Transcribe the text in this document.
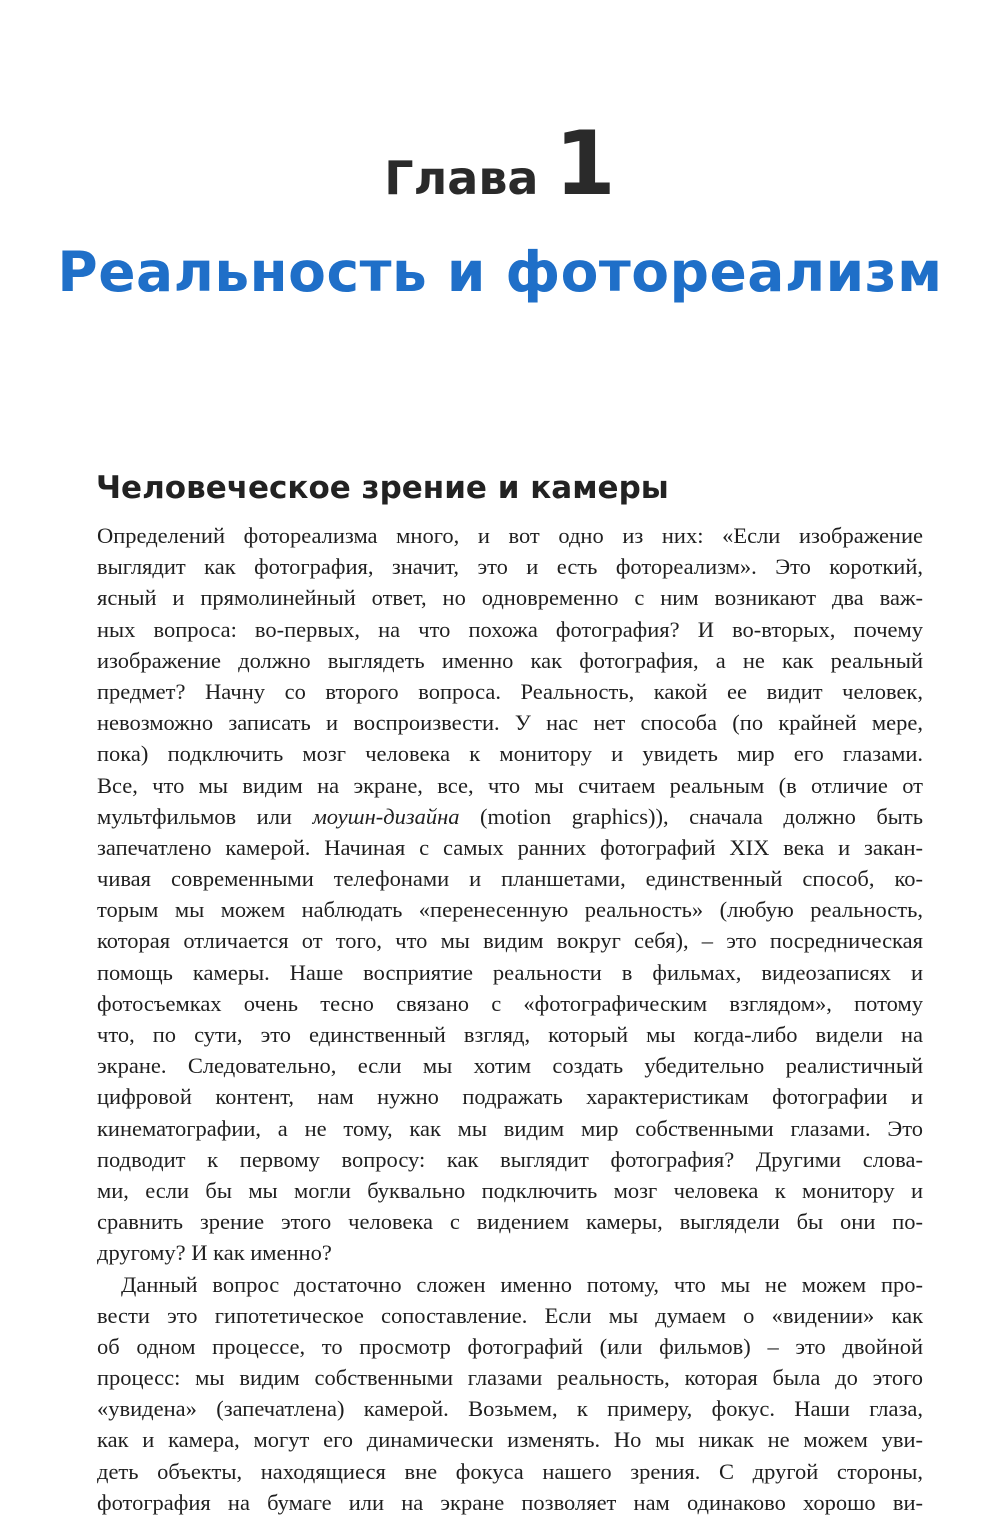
Глава 1
Реальность и фотореализм
Человеческое зрение и камеры
Определений фотореализма много, и вот одно из них: «Если изображение
выглядит как фотография, значит, это и есть фотореализм». Это короткий,
ясный и прямолинейный ответ, но одновременно с ним возникают два важ-
ных вопроса: во-первых, на что похожа фотография? И во-вторых, почему
изображение должно выглядеть именно как фотография, а не как реальный
предмет? Начну со второго вопроса. Реальность, какой ее видит человек,
невозможно записать и воспроизвести. У нас нет способа (по крайней мере,
пока) подключить мозг человека к монитору и увидеть мир его глазами.
Все, что мы видим на экране, все, что мы считаем реальным (в отличие от
мультфильмов или моушн-дизайна (motion graphics)), сначала должно быть
запечатлено камерой. Начиная с самых ранних фотографий XIX века и закан-
чивая современными телефонами и планшетами, единственный способ, ко-
торым мы можем наблюдать «перенесенную реальность» (любую реальность,
которая отличается от того, что мы видим вокруг себя), – это посредническая
помощь камеры. Наше восприятие реальности в фильмах, видеозаписях и
фотосъемках очень тесно связано с «фотографическим взглядом», потому
что, по сути, это единственный взгляд, который мы когда-либо видели на
экране. Следовательно, если мы хотим создать убедительно реалистичный
цифровой контент, нам нужно подражать характеристикам фотографии и
кинематографии, а не тому, как мы видим мир собственными глазами. Это
подводит к первому вопросу: как выглядит фотография? Другими слова-
ми, если бы мы могли буквально подключить мозг человека к монитору и
сравнить зрение этого человека с видением камеры, выглядели бы они по-
другому? И как именно?
Данный вопрос достаточно сложен именно потому, что мы не можем про-
вести это гипотетическое сопоставление. Если мы думаем о «видении» как
об одном процессе, то просмотр фотографий (или фильмов) – это двойной
процесс: мы видим собственными глазами реальность, которая была до этого
«увидена» (запечатлена) камерой. Возьмем, к примеру, фокус. Наши глаза,
как и камера, могут его динамически изменять. Но мы никак не можем уви-
деть объекты, находящиеся вне фокуса нашего зрения. С другой стороны,
фотография на бумаге или на экране позволяет нам одинаково хорошо ви-
